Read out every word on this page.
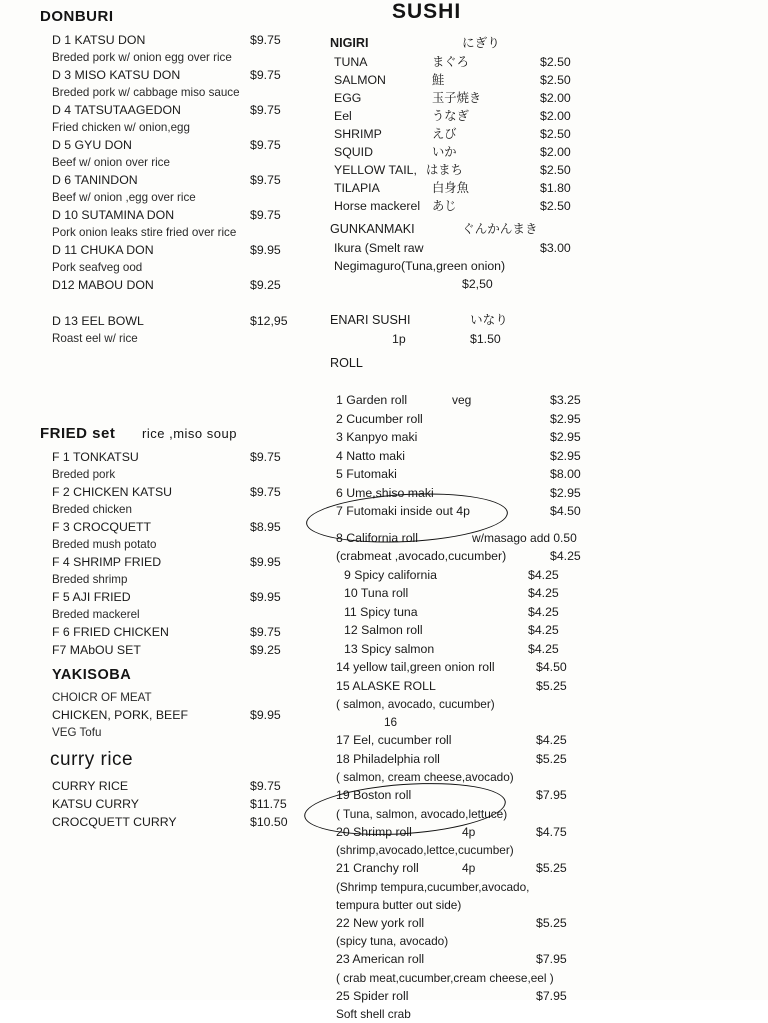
DONBURI
D 1 KATSU DON	$9.75
Breded pork w/ onion egg over rice
D 3 MISO KATSU DON	$9.75
Breded pork w/ cabbage miso sauce
D 4 TATSUTAAGEDON	$9.75
Fried chicken w/ onion,egg
D 5 GYU DON	$9.75
Beef w/ onion over rice
D 6 TANINDON	$9.75
Beef w/ onion ,egg over rice
D 10 SUTAMINA DON	$9.75
Pork onion leaks stire fried over rice
D 11 CHUKA DON	$9.95
Pork seafveg ood
D12 MABOU DON	$9.25
D 13 EEL BOWL	$12,95
Roast eel w/ rice
FRIED set rice ,miso soup
F 1 TONKATSU	$9.75
Breded pork
F 2 CHICKEN KATSU	$9.75
Breded chicken
F 3 CROCQUETT	$8.95
Breded mush potato
F 4 SHRIMP FRIED	$9.95
Breded shrimp
F 5 AJI FRIED	$9.95
Breded mackerel
F 6 FRIED CHICKEN	$9.75
F7 MAbOU SET	$9.25
YAKISOBA
CHOICR OF MEAT
CHICKEN, PORK, BEEF	$9.95
VEG Tofu
curry rice
CURRY RICE	$9.75
KATSU CURRY	$11.75
CROCQUETT CURRY	$10.50
SUSHI
NIGIRI	にぎり
TUNA	まぐろ	$2.50
SALMON	鮭	$2.50
EGG	玉子焼き	$2.00
Eel	うなぎ	$2.00
SHRIMP	えび	$2.50
SQUID	いか	$2.00
YELLOW TAIL, はまち	$2.50
TILAPIA	白身魚	$1.80
Horse mackerel あじ	$2.50
GUNKANMAKI	ぐんかんまき
Ikura (Smelt raw	$3.00
Negimaguro(Tuna,green onion)
$2,50
ENARI SUSHI	いなり
1p	$1.50
ROLL
1 Garden roll	veg	$3.25
2 Cucumber roll	$2.95
3 Kanpyo maki	$2.95
4 Natto maki	$2.95
5 Futomaki	$8.00
6 Ume,shiso maki	$2.95
7 Futomaki inside out 4p	$4.50
8 California roll	w/masago add 0.50
(crabmeat ,avocado,cucumber)	$4.25
9 Spicy california	$4.25
10 Tuna roll	$4.25
11 Spicy tuna	$4.25
12 Salmon roll	$4.25
13 Spicy salmon	$4.25
14 yellow tail,green onion roll	$4.50
15 ALASKE ROLL	$5.25
( salmon, avocado, cucumber)
16
17 Eel, cucumber roll	$4.25
18 Philadelphia roll	$5.25
( salmon, cream cheese,avocado)
19 Boston roll	$7.95
( Tuna, salmon, avocado,lettuce)
20 Shrimp roll	4p	$4.75
(shrimp,avocado,lettce,cucumber)
21 Cranchy roll	4p	$5.25
(Shrimp tempura,cucumber,avocado,
tempura butter out side)
22 New york roll	$5.25
(spicy tuna, avocado)
23 American roll	$7.95
( crab meat,cucumber,cream cheese,eel )
25 Spider roll	$7.95
Soft shell crab
